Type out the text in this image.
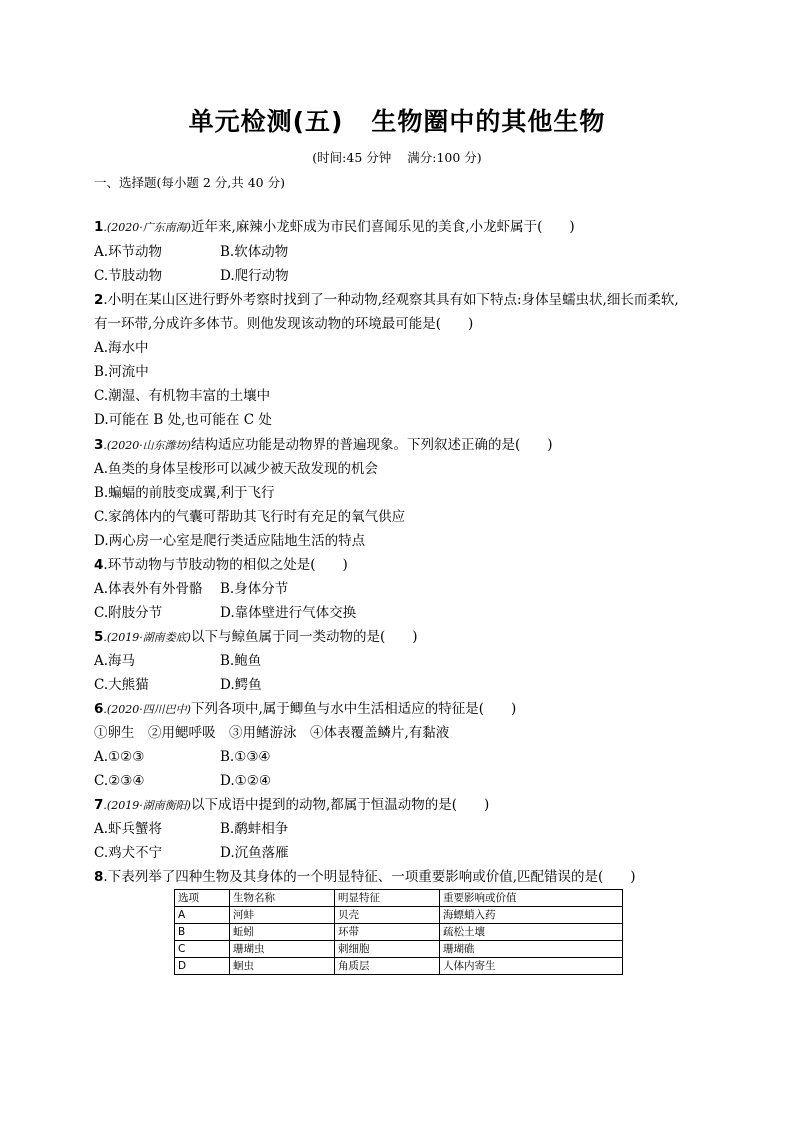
单元检测(五) 生物圈中的其他生物
(时间:45 分钟 满分:100 分)
一、选择题(每小题 2 分,共 40 分)
1.(2020·广东南海)近年来,麻辣小龙虾成为市民们喜闻乐见的美食,小龙虾属于(　　)
A.环节动物	B.软体动物
C.节肢动物	D.爬行动物
2.小明在某山区进行野外考察时找到了一种动物,经观察其具有如下特点:身体呈蠕虫状,细长而柔软,
有一环带,分成许多体节。则他发现该动物的环境最可能是(　　)
A.海水中
B.河流中
C.潮湿、有机物丰富的土壤中
D.可能在 B 处,也可能在 C 处
3.(2020·山东潍坊)结构适应功能是动物界的普遍现象。下列叙述正确的是(　　)
A.鱼类的身体呈梭形可以减少被天敌发现的机会
B.蝙蝠的前肢变成翼,利于飞行
C.家鸽体内的气囊可帮助其飞行时有充足的氧气供应
D.两心房一心室是爬行类适应陆地生活的特点
4.环节动物与节肢动物的相似之处是(　　)
A.体表外有外骨骼 B.身体分节
C.附肢分节	D.靠体壁进行气体交换
5.(2019·湖南娄底)以下与鲸鱼属于同一类动物的是(　　)
A.海马	B.鲍鱼
C.大熊猫	D.鳄鱼
6.(2020·四川巴中)下列各项中,属于鲫鱼与水中生活相适应的特征是(　　)
①卵生　②用鳃呼吸　③用鳍游泳　④体表覆盖鳞片,有黏液
A.①②③	B.①③④
C.②③④	D.①②④
7.(2019·湖南衡阳)以下成语中提到的动物,都属于恒温动物的是(　　)
A.虾兵蟹将	B.鹬蚌相争
C.鸡犬不宁	D.沉鱼落雁
8.下表列举了四种生物及其身体的一个明显特征、一项重要影响或价值,匹配错误的是(　　)
选项	生物名称	明显特征	重要影响或价值
A	河蚌	贝壳	海螵蛸入药
B	蚯蚓	环带	疏松土壤
C	珊瑚虫	刺细胞	珊瑚礁
D	蛔虫	角质层	人体内寄生
